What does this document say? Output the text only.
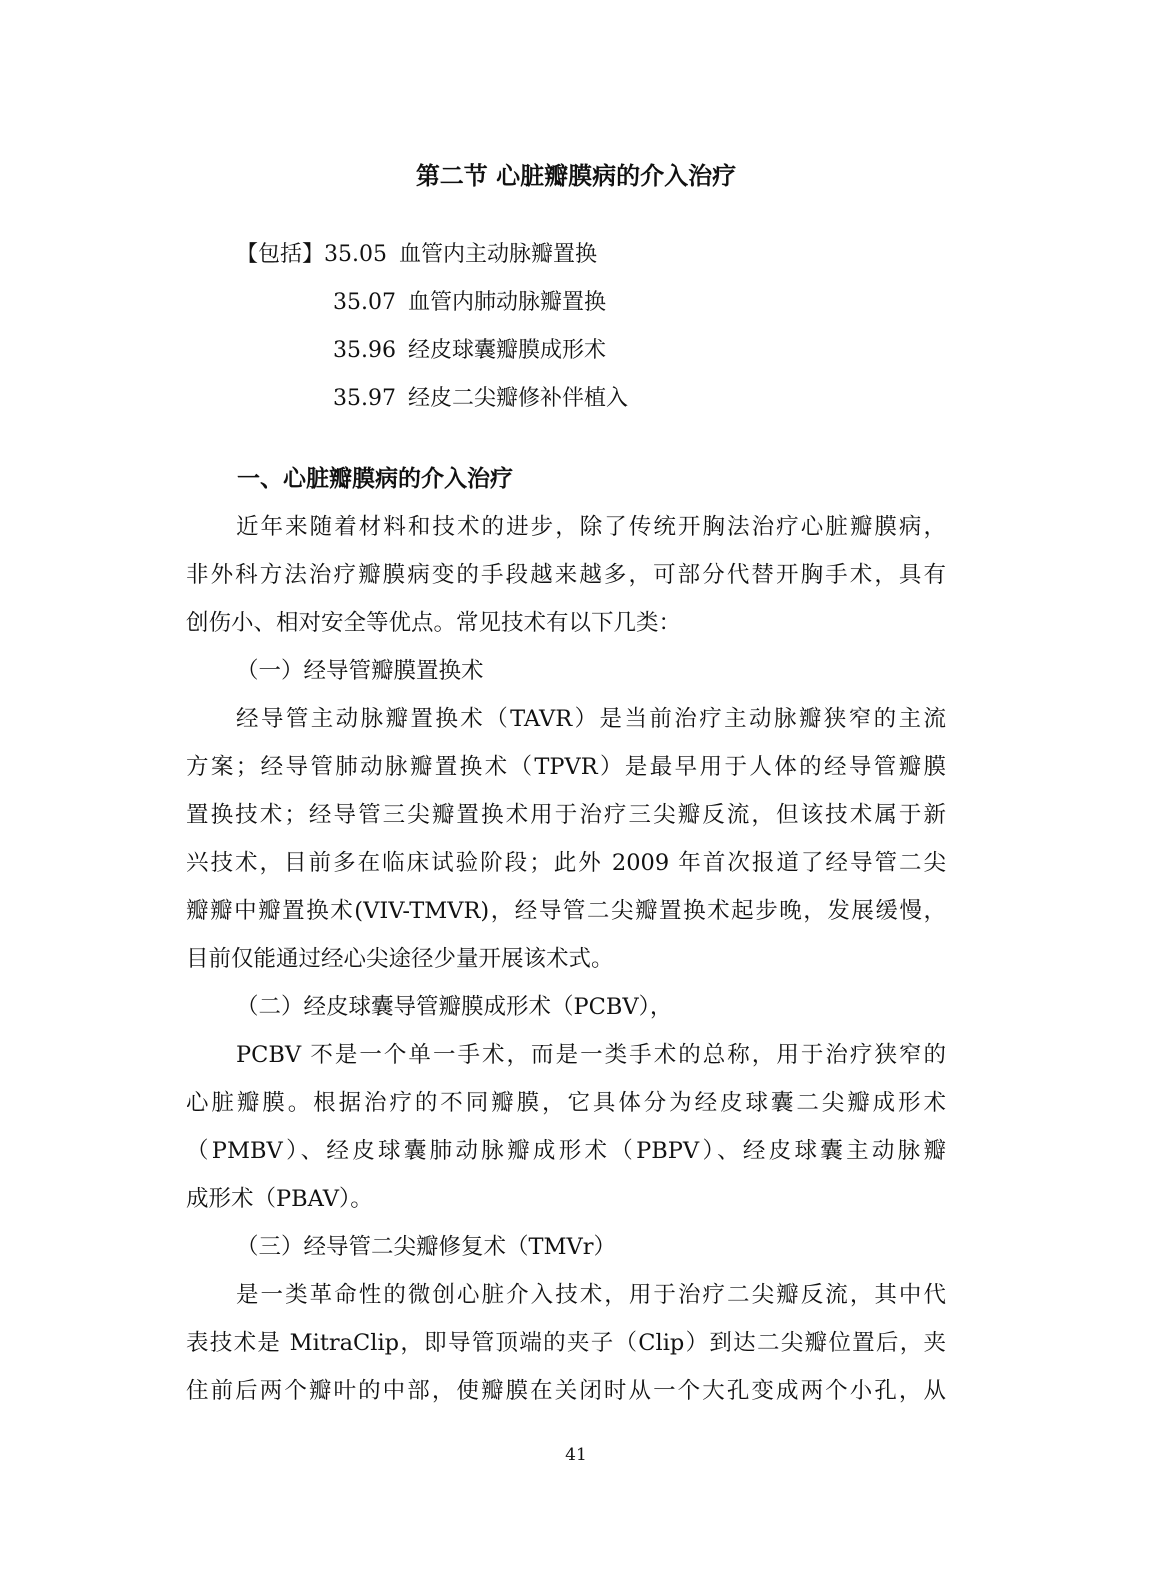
第二节 心脏瓣膜病的介入治疗
【包括】35.05 血管内主动脉瓣置换
35.07 血管内肺动脉瓣置换
35.96 经皮球囊瓣膜成形术
35.97 经皮二尖瓣修补伴植入
一、心脏瓣膜病的介入治疗
近年来随着材料和技术的进步，除了传统开胸法治疗心脏瓣膜病，
非外科方法治疗瓣膜病变的手段越来越多，可部分代替开胸手术，具有
创伤小、相对安全等优点。常见技术有以下几类：
（一）经导管瓣膜置换术
经导管主动脉瓣置换术（TAVR）是当前治疗主动脉瓣狭窄的主流
方案；经导管肺动脉瓣置换术（TPVR）是最早用于人体的经导管瓣膜
置换技术；经导管三尖瓣置换术用于治疗三尖瓣反流，但该技术属于新
兴技术，目前多在临床试验阶段；此外 2009 年首次报道了经导管二尖
瓣瓣中瓣置换术(VIV-TMVR)，经导管二尖瓣置换术起步晚，发展缓慢，
目前仅能通过经心尖途径少量开展该术式。
（二）经皮球囊导管瓣膜成形术（PCBV），
PCBV 不是一个单一手术，而是一类手术的总称，用于治疗狭窄的
心脏瓣膜。根据治疗的不同瓣膜，它具体分为经皮球囊二尖瓣成形术
（PMBV）、经皮球囊肺动脉瓣成形术（PBPV）、经皮球囊主动脉瓣
成形术（PBAV）。
（三）经导管二尖瓣修复术（TMVr）
是一类革命性的微创心脏介入技术，用于治疗二尖瓣反流，其中代
表技术是 MitraClip，即导管顶端的夹子（Clip）到达二尖瓣位置后，夹
住前后两个瓣叶的中部，使瓣膜在关闭时从一个大孔变成两个小孔，从
41
